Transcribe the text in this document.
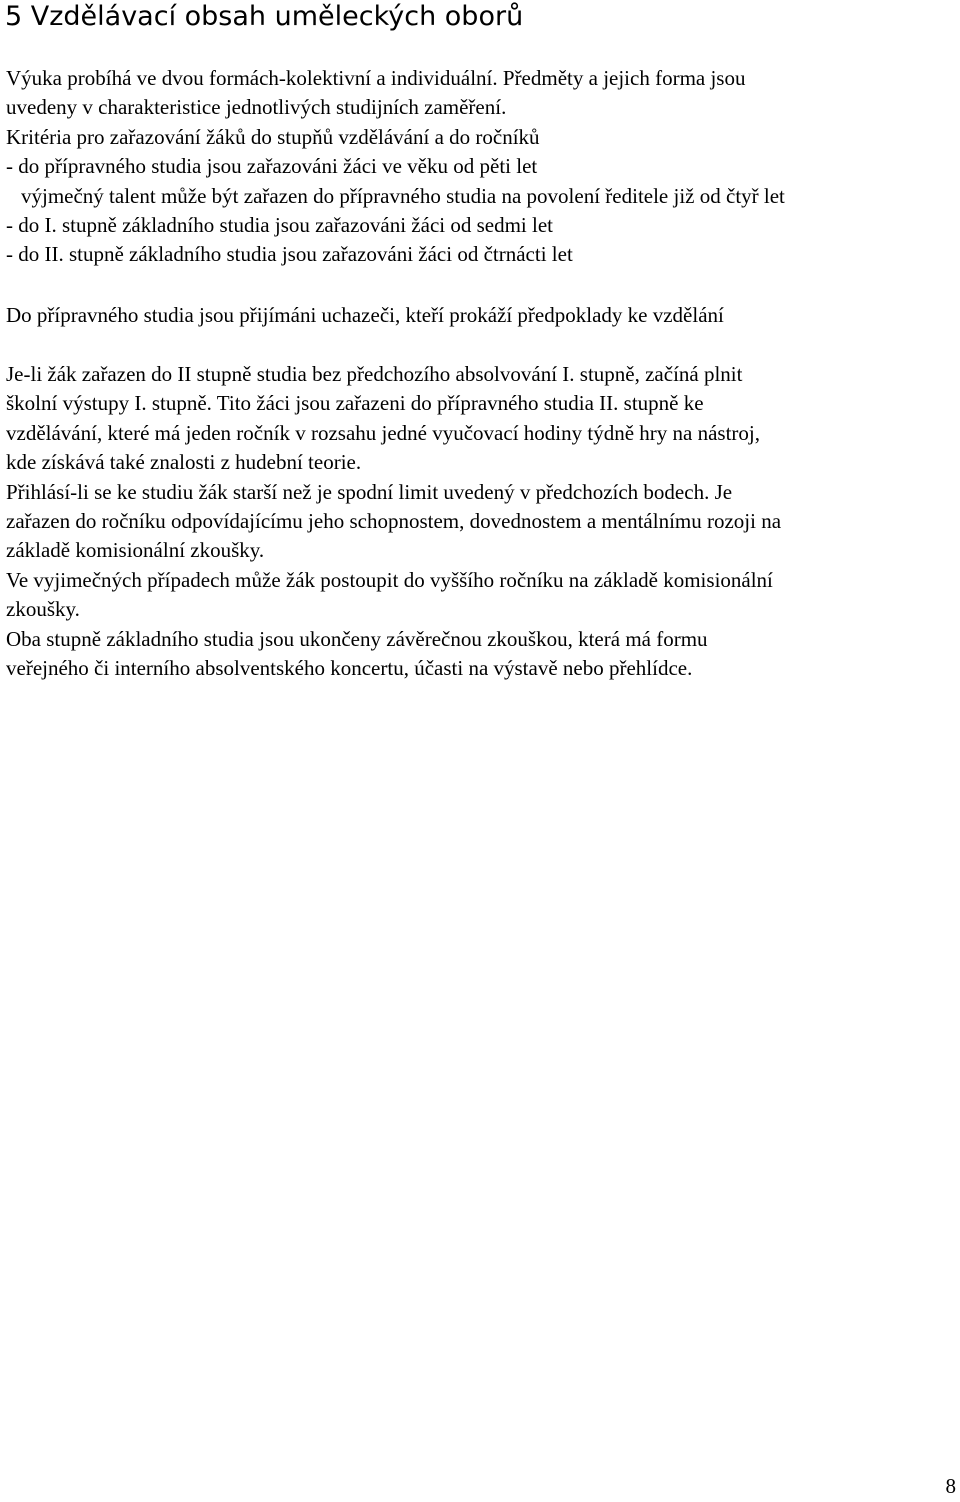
5 Vzdělávací obsah uměleckých oborů
Výuka probíhá ve dvou formách-kolektivní a individuální. Předměty a jejich forma jsou
uvedeny v charakteristice jednotlivých studijních zaměření.
Kritéria pro zařazování žáků do stupňů vzdělávání a do ročníků
- do přípravného studia jsou zařazováni žáci ve věku od pěti let
výjmečný talent může být zařazen do přípravného studia na povolení ředitele již od čtyř let
- do I. stupně základního studia jsou zařazováni žáci od sedmi let
- do II. stupně základního studia jsou zařazováni žáci od čtrnácti let
Do přípravného studia jsou přijímáni uchazeči, kteří prokáží předpoklady ke vzdělání
Je-li žák zařazen do II stupně studia bez předchozího absolvování I. stupně, začíná plnit
školní výstupy I. stupně. Tito žáci jsou zařazeni do přípravného studia II. stupně ke
vzdělávání, které má jeden ročník v rozsahu jedné vyučovací hodiny týdně hry na nástroj,
kde získává také znalosti z hudební teorie.
Přihlásí-li se ke studiu žák starší než je spodní limit uvedený v předchozích bodech. Je
zařazen do ročníku odpovídajícímu jeho schopnostem, dovednostem a mentálnímu rozoji na
základě komisionální zkoušky.
Ve vyjimečných případech může žák postoupit do vyššího ročníku na základě komisionální
zkoušky.
Oba stupně základního studia jsou ukončeny závěrečnou zkouškou, která má formu
veřejného či interního absolventského koncertu, účasti na výstavě nebo přehlídce.
8
